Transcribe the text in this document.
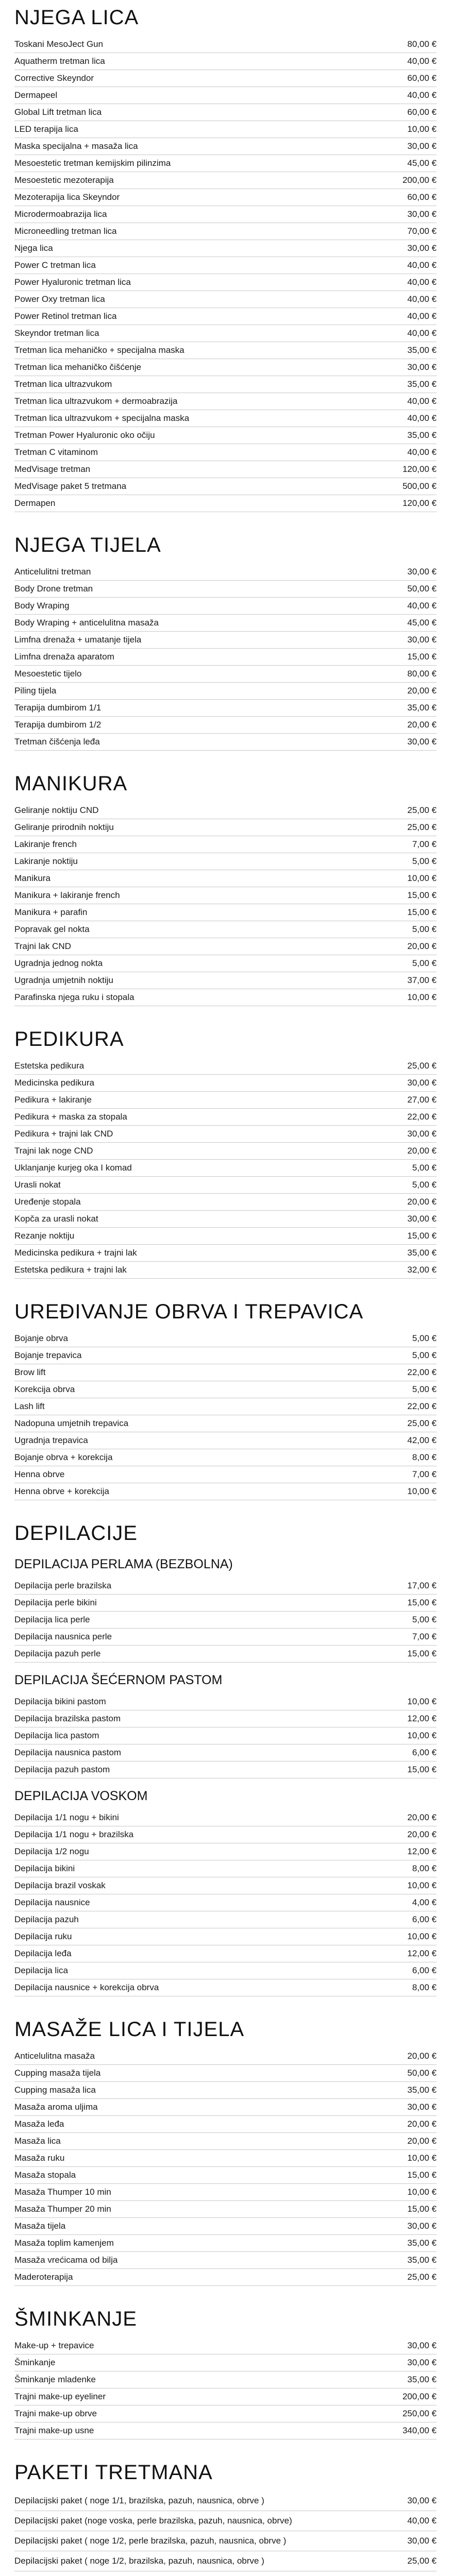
NJEGA LICA
Toskani MesoJect Gun	80,00 €
Aquatherm tretman lica	40,00 €
Corrective Skeyndor	60,00 €
Dermapeel	40,00 €
Global Lift tretman lica	60,00 €
LED terapija lica	10,00 €
Maska specijalna + masaža lica	30,00 €
Mesoestetic tretman kemijskim pilinzima	45,00 €
Mesoestetic mezoterapija	200,00 €
Mezoterapija lica Skeyndor	60,00 €
Microdermoabrazija lica	30,00 €
Microneedling tretman lica	70,00 €
Njega lica	30,00 €
Power C tretman lica	40,00 €
Power Hyaluronic tretman lica	40,00 €
Power Oxy tretman lica	40,00 €
Power Retinol tretman lica	40,00 €
Skeyndor tretman lica	40,00 €
Tretman lica mehaničko + specijalna maska	35,00 €
Tretman lica mehaničko čišćenje	30,00 €
Tretman lica ultrazvukom	35,00 €
Tretman lica ultrazvukom + dermoabrazija	40,00 €
Tretman lica ultrazvukom + specijalna maska	40,00 €
Tretman Power Hyaluronic oko očiju	35,00 €
Tretman C vitaminom	40,00 €
MedVisage tretman	120,00 €
MedVisage paket 5 tretmana	500,00 €
Dermapen	120,00 €
NJEGA TIJELA
Anticelulitni tretman	30,00 €
Body Drone tretman	50,00 €
Body Wraping	40,00 €
Body Wraping + anticelulitna masaža	45,00 €
Limfna drenaža + umatanje tijela	30,00 €
Limfna drenaža aparatom	15,00 €
Mesoestetic tijelo	80,00 €
Piling tijela	20,00 €
Terapija dumbirom 1/1	35,00 €
Terapija dumbirom 1/2	20,00 €
Tretman čišćenja leđa	30,00 €
MANIKURA
Geliranje noktiju CND	25,00 €
Geliranje prirodnih noktiju	25,00 €
Lakiranje french	7,00 €
Lakiranje noktiju	5,00 €
Manikura	10,00 €
Manikura + lakiranje french	15,00 €
Manikura + parafin	15,00 €
Popravak gel nokta	5,00 €
Trajni lak CND	20,00 €
Ugradnja jednog nokta	5,00 €
Ugradnja umjetnih noktiju	37,00 €
Parafinska njega ruku i stopala	10,00 €
PEDIKURA
Estetska pedikura	25,00 €
Medicinska pedikura	30,00 €
Pedikura + lakiranje	27,00 €
Pedikura + maska za stopala	22,00 €
Pedikura + trajni lak CND	30,00 €
Trajni lak noge CND	20,00 €
Uklanjanje kurjeg oka I komad	5,00 €
Urasli nokat	5,00 €
Uređenje stopala	20,00 €
Kopča za urasli nokat	30,00 €
Rezanje noktiju	15,00 €
Medicinska pedikura + trajni lak	35,00 €
Estetska pedikura + trajni lak	32,00 €
UREĐIVANJE OBRVA I TREPAVICA
Bojanje obrva	5,00 €
Bojanje trepavica	5,00 €
Brow lift	22,00 €
Korekcija obrva	5,00 €
Lash lift	22,00 €
Nadopuna umjetnih trepavica	25,00 €
Ugradnja trepavica	42,00 €
Bojanje obrva + korekcija	8,00 €
Henna obrve	7,00 €
Henna obrve + korekcija	10,00 €
DEPILACIJE
DEPILACIJA PERLAMA (BEZBOLNA)
Depilacija perle brazilska	17,00 €
Depilacija perle bikini	15,00 €
Depilacija lica perle	5,00 €
Depilacija nausnica perle	7,00 €
Depilacija pazuh perle	15,00 €
DEPILACIJA ŠEĆERNOM PASTOM
Depilacija bikini pastom	10,00 €
Depilacija brazilska pastom	12,00 €
Depilacija lica pastom	10,00 €
Depilacija nausnica pastom	6,00 €
Depilacija pazuh pastom	15,00 €
DEPILACIJA VOSKOM
Depilacija 1/1 nogu + bikini	20,00 €
Depilacija 1/1 nogu + brazilska	20,00 €
Depilacija 1/2 nogu	12,00 €
Depilacija bikini	8,00 €
Depilacija brazil voskak	10,00 €
Depilacija nausnice	4,00 €
Depilacija pazuh	6,00 €
Depilacija ruku	10,00 €
Depilacija leđa	12,00 €
Depilacija lica	6,00 €
Depilacija nausnice + korekcija obrva	8,00 €
MASAŽE LICA I TIJELA
Anticelulitna masaža	20,00 €
Cupping masaža tijela	50,00 €
Cupping masaža lica	35,00 €
Masaža aroma uljima	30,00 €
Masaža leđa	20,00 €
Masaža lica	20,00 €
Masaža ruku	10,00 €
Masaža stopala	15,00 €
Masaža Thumper 10 min	10,00 €
Masaža Thumper 20 min	15,00 €
Masaža tijela	30,00 €
Masaža toplim kamenjem	35,00 €
Masaža vrećicama od bilja	35,00 €
Maderoterapija	25,00 €
ŠMINKANJE
Make-up + trepavice	30,00 €
Šminkanje	30,00 €
Šminkanje mladenke	35,00 €
Trajni make-up eyeliner	200,00 €
Trajni make-up obrve	250,00 €
Trajni make-up usne	340,00 €
PAKETI TRETMANA
Depilacijski paket ( noge 1/1, brazilska, pazuh, nausnica, obrve )	30,00 €
Depilacijski paket (noge voska, perle brazilska, pazuh, nausnica, obrve)	40,00 €
Depilacijski paket ( noge 1/2, perle brazilska, pazuh, nausnica, obrve )	30,00 €
Depilacijski paket ( noge 1/2, brazilska, pazuh, nausnica, obrve )	25,00 €
